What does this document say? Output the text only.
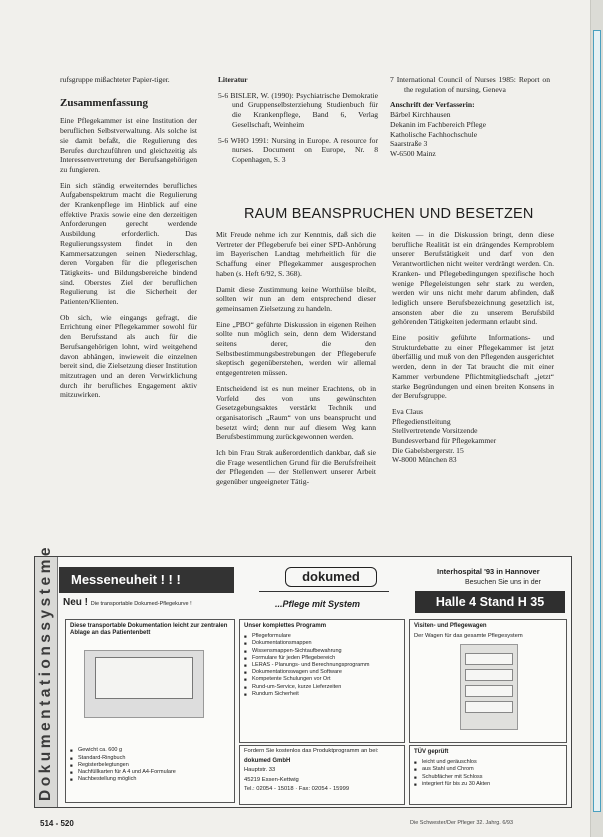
rufsgruppe mißachteter Papier-tiger.

Zusammenfassung

Eine Pflegekammer ist eine Institution der beruflichen Selbstverwaltung. Als solche ist sie damit befaßt, die Regulierung des Berufes durchzuführen und gleichzeitig als Interessenvertretung der Berufsangehörigen zu fungieren.

Ein sich ständig erweiterndes berufliches Aufgabenspektrum macht die Regulierung der Krankenpflege im Hinblick auf eine effektive Praxis sowie eine den derzeitigen Anforderungen gerecht werdende Ausbildung erforderlich. Das Regulierungssystem findet in den Kammersatzungen seinen Niederschlag, deren Vorgaben für die pflegerischen Tätigkeits- und Bildungsbereiche bindend sind. Oberstes Ziel der beruflichen Regulierung ist die Sicherheit der Patienten/Klienten.

Ob sich, wie eingangs gefragt, die Errichtung einer Pflegekammer sowohl für den Berufsstand als auch für die Berufsangehörigen lohnt, wird weitgehend davon abhängen, inwieweit die einzelnen bereit sind, die Zielsetzung dieser Institution mitzutragen und an deren Verwirklichung durch ihr berufliches Engagement aktiv mitzuwirken.

Literatur
5-6 BISLER, W. (1990): Psychiatrische Demokratie und Gruppenselbsterziehung Studienbuch für die Krankenpflege, Band 6, Verlag Gesellschaft, Weinheim
5-6 WHO 1991: Nursing in Europe. A resource for nurses. Document on Europe, Nr. 8 Copenhagen, S. 3
7 International Council of Nurses 1985: Report on the regulation of nursing, Geneva
Anschrift der Verfasserin:
Bärbel Kirchhausen
Dekanin im Fachbereich Pflege
Katholische Fachhochschule
Saarstraße 3
W-6500 Mainz
RAUM BEANSPRUCHEN UND BESETZEN

Mit Freude nehme ich zur Kenntnis, daß sich die Vertreter der Pflegeberufe bei einer SPD-Anhörung im Bayerischen Landtag mehrheitlich für die Schaffung einer Pflegekammer ausgesprochen haben (s. Heft 6/92, S. 368).

Damit diese Zustimmung keine Worthülse bleibt, sollten wir nun an dem entsprechend dieser gemeinsamen Zielsetzung zu handeln.

Eine „PBO“ geführte Diskussion in eigenen Reihen sollte nun möglich sein, denn dem Widerstand seitens derer, die den Selbstbestimmungsbestrebungen der Pflegeberufe skeptisch gegenüberstehen, werden wir allemal entgegentreten müssen.

Entscheidend ist es nun meiner Erachtens, ob in Vorfeld des von uns gewünschten Gesetzgebungsaktes verstärkt Technik und organisatorisch „Raum“ von uns beansprucht und besetzt wird; denn nur auf diesem Weg kann Berufsbestimmung zurückgewonnen werden.

Ich bin Frau Strak außerordentlich dankbar, daß sie die Frage wesentlichen Grund für die Berufsfreiheit der Pflegenden — der Stellenwert unserer Arbeit gegenüber ungeeigneter Tätig-

keiten — in die Diskussion bringt, denn diese berufliche Realität ist ein drängendes Kernproblem unserer Berufstätigkeit und darf von den Verantwortlichen nicht weiter verdrängt werden. Cn. Kranken- und Pflegebedingungen spezifische hoch wenige Pflegeleistungen sehr stark zu werden, werden wir uns nicht mehr darum abfinden, daß lediglich unsere Berufsbezeichnung gesetzlich ist, ansonsten aber die zu unserem Berufsbild gehörenden Tätigkeiten jedermann erlaubt sind.

Eine positiv geführte Informations- und Strukturdebatte zu einer Pflegekammer ist jetzt überfällig und muß von den Pflegenden ausgerichtet werden, denn in der Tat braucht die mit einer Kammer verbundene Pflichtmitgliedschaft „jetzt“ starke Begründungen und einen breiten Konsens in der Berufsgruppe.

Eva Claus
Pflegedienstleitung
Stellvertretende Vorsitzende
Bundesverband für Pflegekammer
Die Gabelsbergerstr. 15
W-8000 München 83
Dokumentationssysteme	Messeneuheit ! ! !
Neu ! Die transportable Dokumed-Pflegekurve !
dokumed
...Pflege mit System
Interhospital '93 in Hannover
Besuchen Sie uns in der
Halle 4 Stand H 35
Diese transportable Dokumentation leicht zur zentralen Ablage an das Patientenbett
■ Gewicht ca. 600 g
■ Standard-Ringbuch
■ Registerbelegtungen
■ Nachfüllkarten für A 4 und A4-Formulare
■ Nachbestellung möglich
Unser komplettes Programm
■ Pflegeformulare
■ Dokumentationsmappen
■ Wissensmappen-Sichtaufbewahrung
■ Formulare für jeden Pflegebereich
■ LERAS - Planungs- und Berechnungsprogramm
■ Dokumentationswagen und Software
■ Kompetente Schulungen vor Ort
■ Rund-um-Service, kurze Lieferzeiten
■ Rundum Sicherheit
Fordern Sie kostenlos das Produktprogramm an bei:
dokumed GmbH
Hauptstr. 33
45219 Essen-Kettwig
Tel.: 02054 - 15018 · Fax: 02054 - 15999
Visiten- und Pflegewagen
Der Wagen für das gesamte Pflegesystem
TÜV geprüft
■ leicht und geräuschlos
■ aus Stahl und Chrom
■ Schubfächer mit Schloss
■ integriert für bis zu 30 Akten
514 - 520	Die Schwester/Der Pfleger 32. Jahrg. 6/93
